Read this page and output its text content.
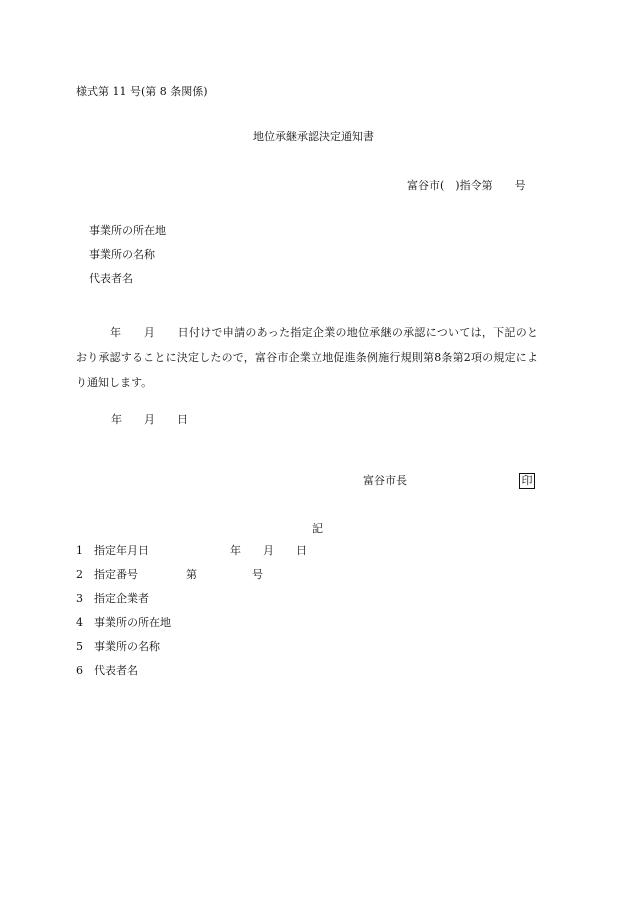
様式第 11 号(第 8 条関係)
地位承継承認決定通知書
富谷市(　)指令第　　号
事業所の所在地
事業所の名称
代表者名

年　　月　　日付けで申請のあった指定企業の地位承継の承認については，下記のとおり承認することに決定したので，富谷市企業立地促進条例施行規則第8条第2項の規定により通知します。

年　　月　　日
富谷市長	印
記
1 指定年月日	年　　月　　日
2 指定番号	第　　　　　号
3 指定企業者
4 事業所の所在地
5 事業所の名称
6 代表者名
